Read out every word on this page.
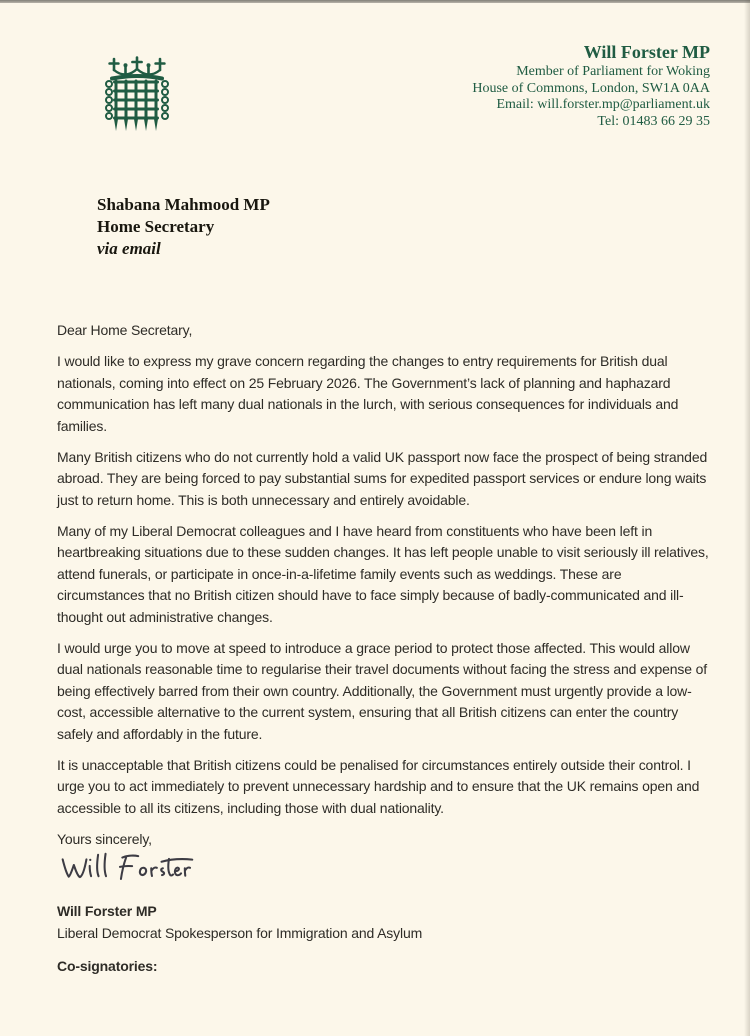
Will Forster MP
Member of Parliament for Woking
House of Commons, London, SW1A 0AA
Email: will.forster.mp@parliament.uk
Tel: 01483 66 29 35
Shabana Mahmood MP
Home Secretary
via email

Dear Home Secretary,

I would like to express my grave concern regarding the changes to entry requirements for British dual nationals, coming into effect on 25 February 2026. The Government’s lack of planning and haphazard communication has left many dual nationals in the lurch, with serious consequences for individuals and families.

Many British citizens who do not currently hold a valid UK passport now face the prospect of being stranded abroad. They are being forced to pay substantial sums for expedited passport services or endure long waits just to return home. This is both unnecessary and entirely avoidable.

Many of my Liberal Democrat colleagues and I have heard from constituents who have been left in heartbreaking situations due to these sudden changes. It has left people unable to visit seriously ill relatives, attend funerals, or participate in once-in-a-lifetime family events such as weddings. These are circumstances that no British citizen should have to face simply because of badly-communicated and ill-thought out administrative changes.

I would urge you to move at speed to introduce a grace period to protect those affected. This would allow dual nationals reasonable time to regularise their travel documents without facing the stress and expense of being effectively barred from their own country. Additionally, the Government must urgently provide a low-cost, accessible alternative to the current system, ensuring that all British citizens can enter the country safely and affordably in the future.

It is unacceptable that British citizens could be penalised for circumstances entirely outside their control. I urge you to act immediately to prevent unnecessary hardship and to ensure that the UK remains open and accessible to all its citizens, including those with dual nationality.

Yours sincerely,

Will Forster MP
Liberal Democrat Spokesperson for Immigration and Asylum
Co-signatories:
